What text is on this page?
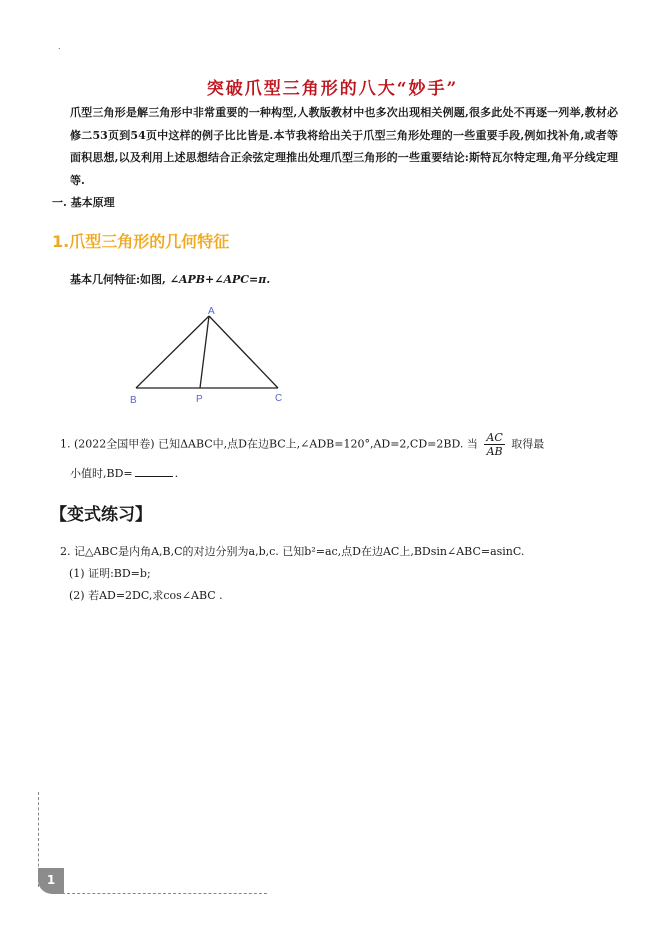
.
突破爪型三角形的八大“妙手”
爪型三角形是解三角形中非常重要的一种构型,人教版教材中也多次出现相关例题,很多此处不再逐一列举,教材必修二53页到54页中这样的例子比比皆是.本节我将给出关于爪型三角形处理的一些重要手段,例如找补角,或者等面积思想,以及利用上述思想结合正余弦定理推出处理爪型三角形的一些重要结论:斯特瓦尔特定理,角平分线定理等.
一. 基本原理
1.爪型三角形的几何特征
基本几何特征:如图, ∠APB+∠APC=π.
A
B	P	C
1. (2022全国甲卷) 已知ΔABC中,点D在边BC上,∠ADB=120°,AD=2,CD=2BD. 当 $\frac{AC}{AB}$ 取得最
小值时,BD=	.
【变式练习】
2. 记△ABC是内角A,B,C的对边分别为a,b,c. 已知b²=ac,点D在边AC上,BDsin∠ABC=asinC.
(1) 证明:BD=b;
(2) 若AD=2DC,求cos∠ABC .
1
